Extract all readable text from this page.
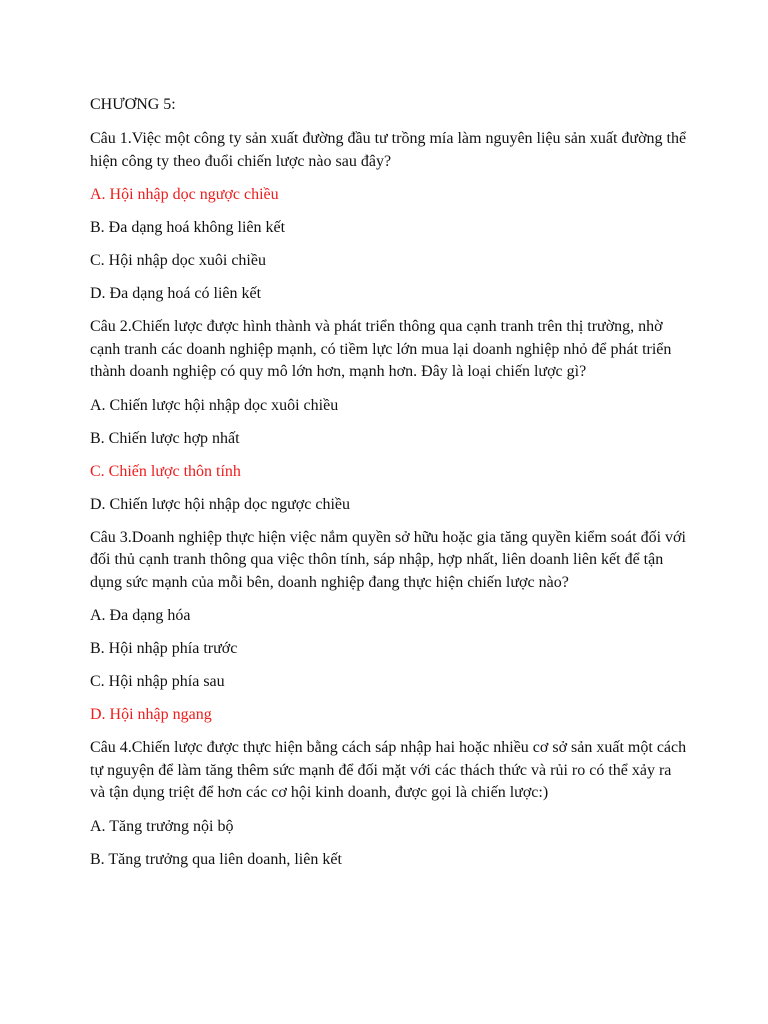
CHƯƠNG 5:

Câu 1.Việc một công ty sản xuất đường đầu tư trồng mía làm nguyên liệu sản xuất đường thể hiện công ty theo đuổi chiến lược nào sau đây?

A. Hội nhập dọc ngược chiều

B. Đa dạng hoá không liên kết

C. Hội nhập dọc xuôi chiều

D. Đa dạng hoá có liên kết

Câu 2.Chiến lược được hình thành và phát triển thông qua cạnh tranh trên thị trường, nhờ cạnh tranh các doanh nghiệp mạnh, có tiềm lực lớn mua lại doanh nghiệp nhỏ để phát triển thành doanh nghiệp có quy mô lớn hơn, mạnh hơn. Đây là loại chiến lược gì?

A. Chiến lược hội nhập dọc xuôi chiều

B. Chiến lược hợp nhất

C. Chiến lược thôn tính

D. Chiến lược hội nhập dọc ngược chiều

Câu 3.Doanh nghiệp thực hiện việc nắm quyền sở hữu hoặc gia tăng quyền kiểm soát đối với đối thủ cạnh tranh thông qua việc thôn tính, sáp nhập, hợp nhất, liên doanh liên kết để tận dụng sức mạnh của mỗi bên, doanh nghiệp đang thực hiện chiến lược nào?

A. Đa dạng hóa

B. Hội nhập phía trước

C. Hội nhập phía sau

D. Hội nhập ngang

Câu 4.Chiến lược được thực hiện bằng cách sáp nhập hai hoặc nhiều cơ sở sản xuất một cách tự nguyện để làm tăng thêm sức mạnh để đối mặt với các thách thức và rủi ro có thể xảy ra và tận dụng triệt để hơn các cơ hội kinh doanh, được gọi là chiến lược:)

A. Tăng trưởng nội bộ

B. Tăng trưởng qua liên doanh, liên kết
